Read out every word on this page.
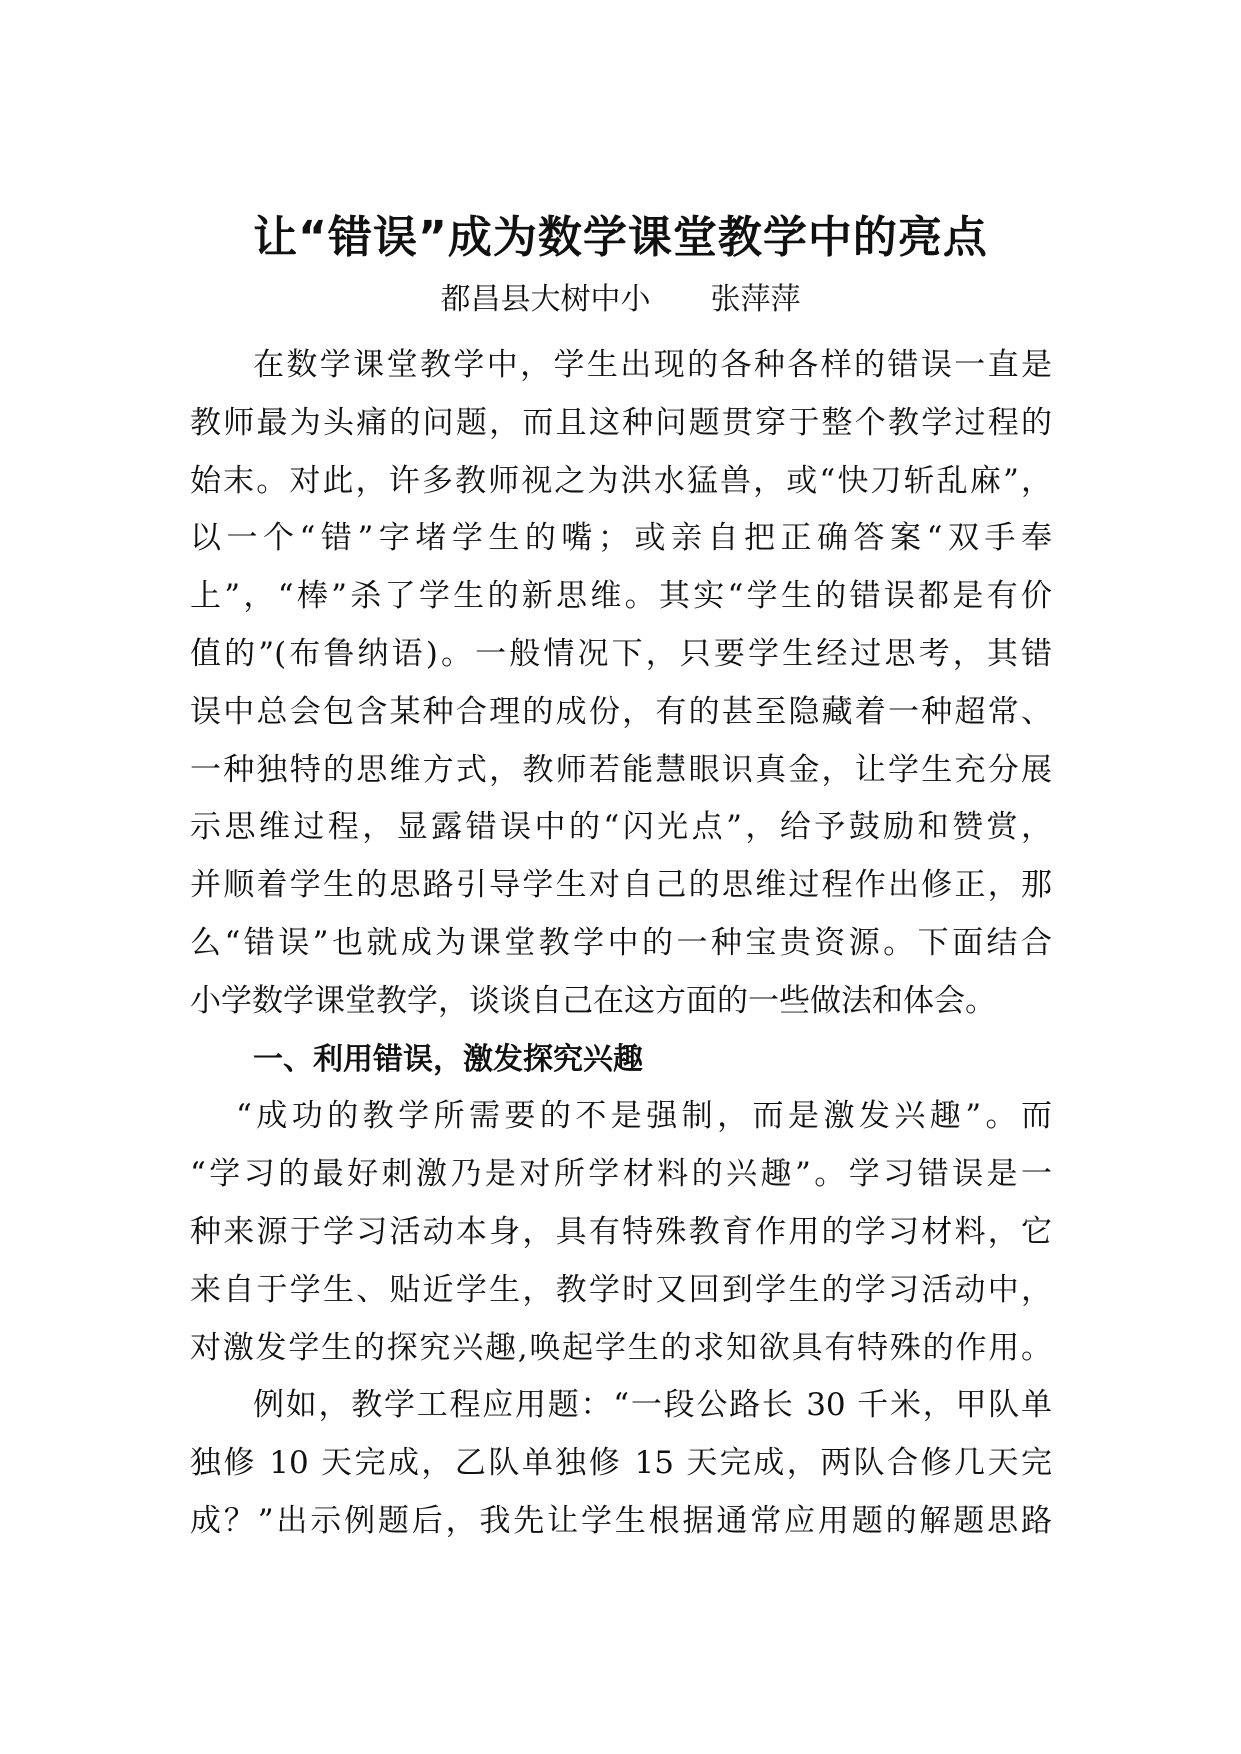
让“错误”成为数学课堂教学中的亮点
都昌县大树中小 张萍萍
在数学课堂教学中，学生出现的各种各样的错误一直是
教师最为头痛的问题，而且这种问题贯穿于整个教学过程的
始末。对此，许多教师视之为洪水猛兽，或“快刀斩乱麻”，
以一个“错”字堵学生的嘴；或亲自把正确答案“双手奉
上”，“棒”杀了学生的新思维。其实“学生的错误都是有价
值的”(布鲁纳语)。一般情况下，只要学生经过思考，其错
误中总会包含某种合理的成份，有的甚至隐藏着一种超常、
一种独特的思维方式，教师若能慧眼识真金，让学生充分展
示思维过程，显露错误中的“闪光点”，给予鼓励和赞赏，
并顺着学生的思路引导学生对自己的思维过程作出修正，那
么“错误”也就成为课堂教学中的一种宝贵资源。下面结合
小学数学课堂教学，谈谈自己在这方面的一些做法和体会。
一、利用错误，激发探究兴趣
“成功的教学所需要的不是强制，而是激发兴趣”。而
“学习的最好刺激乃是对所学材料的兴趣”。学习错误是一
种来源于学习活动本身，具有特殊教育作用的学习材料，它
来自于学生、贴近学生，教学时又回到学生的学习活动中，
对激发学生的探究兴趣,唤起学生的求知欲具有特殊的作用。
例如，教学工程应用题：“一段公路长 30 千米，甲队单
独修 10 天完成，乙队单独修 15 天完成，两队合修几天完
成？”出示例题后，我先让学生根据通常应用题的解题思路
